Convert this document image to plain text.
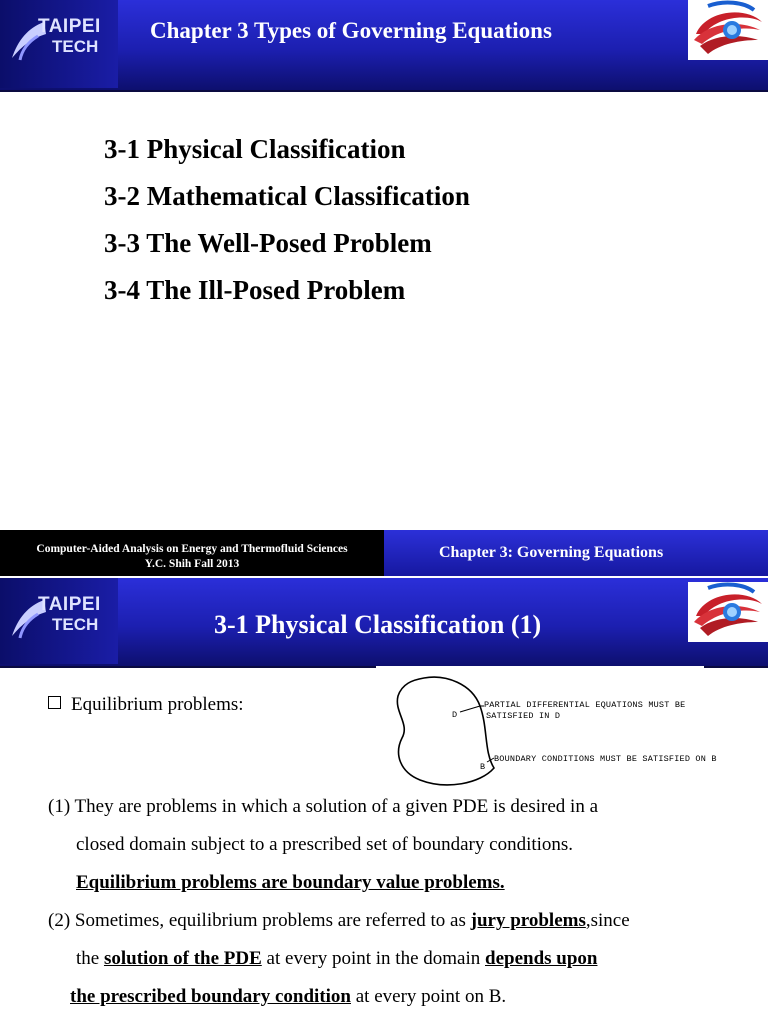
TAIPEI
TECH
Chapter 3 Types of Governing Equations
3-1 Physical Classification
3-2 Mathematical Classification
3-3 The Well-Posed Problem
3-4 The Ill-Posed Problem
Computer-Aided Analysis on Energy and Thermofluid Sciences
Y.C. Shih Fall 2013
Chapter 3: Governing Equations
TAIPEI
TECH	3-1 Physical Classification (1)
D
PARTIAL DIFFERENTIAL EQUATIONS MUST BE
SATISFIED IN D
B
BOUNDARY CONDITIONS MUST BE SATISFIED ON B
Equilibrium problems:
(1) They are problems in which a solution of a given PDE is desired in a
closed domain subject to a prescribed set of boundary conditions.
Equilibrium problems are boundary value problems.
(2) Sometimes, equilibrium problems are referred to as jury problems,since
the solution of the PDE at every point in the domain depends upon
the prescribed boundary condition at every point on B.
